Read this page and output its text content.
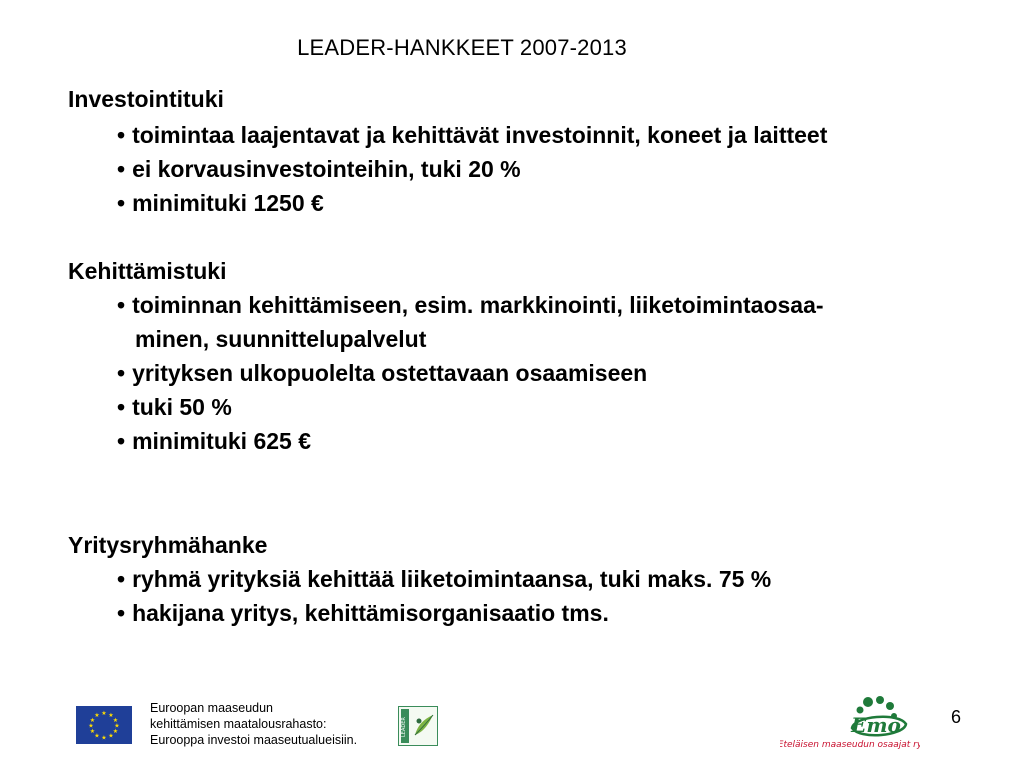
LEADER-HANKKEET 2007-2013
Investointituki
• toimintaa laajentavat ja kehittävät investoinnit, koneet ja laitteet
• ei korvausinvestointeihin, tuki 20 %
• minimituki 1250 €
Kehittämistuki
• toiminnan kehittämiseen, esim. markkinointi, liiketoimintaosaa-
minen, suunnittelupalvelut
• yrityksen ulkopuolelta ostettavaan osaamiseen
• tuki 50 %
• minimituki 625 €
Yritysryhmähanke
• ryhmä yrityksiä kehittää liiketoimintaansa, tuki maks. 75 %
• hakijana yritys, kehittämisorganisaatio tms.
★ ★
★
★
★
★
★
★
★
★
★
★
Euroopan maaseudun
kehittämisen maatalousrahasto:
Eurooppa investoi maaseutualueisiin.
LEADER	Emo
Eteläisen maaseudun osaajat ry
6
